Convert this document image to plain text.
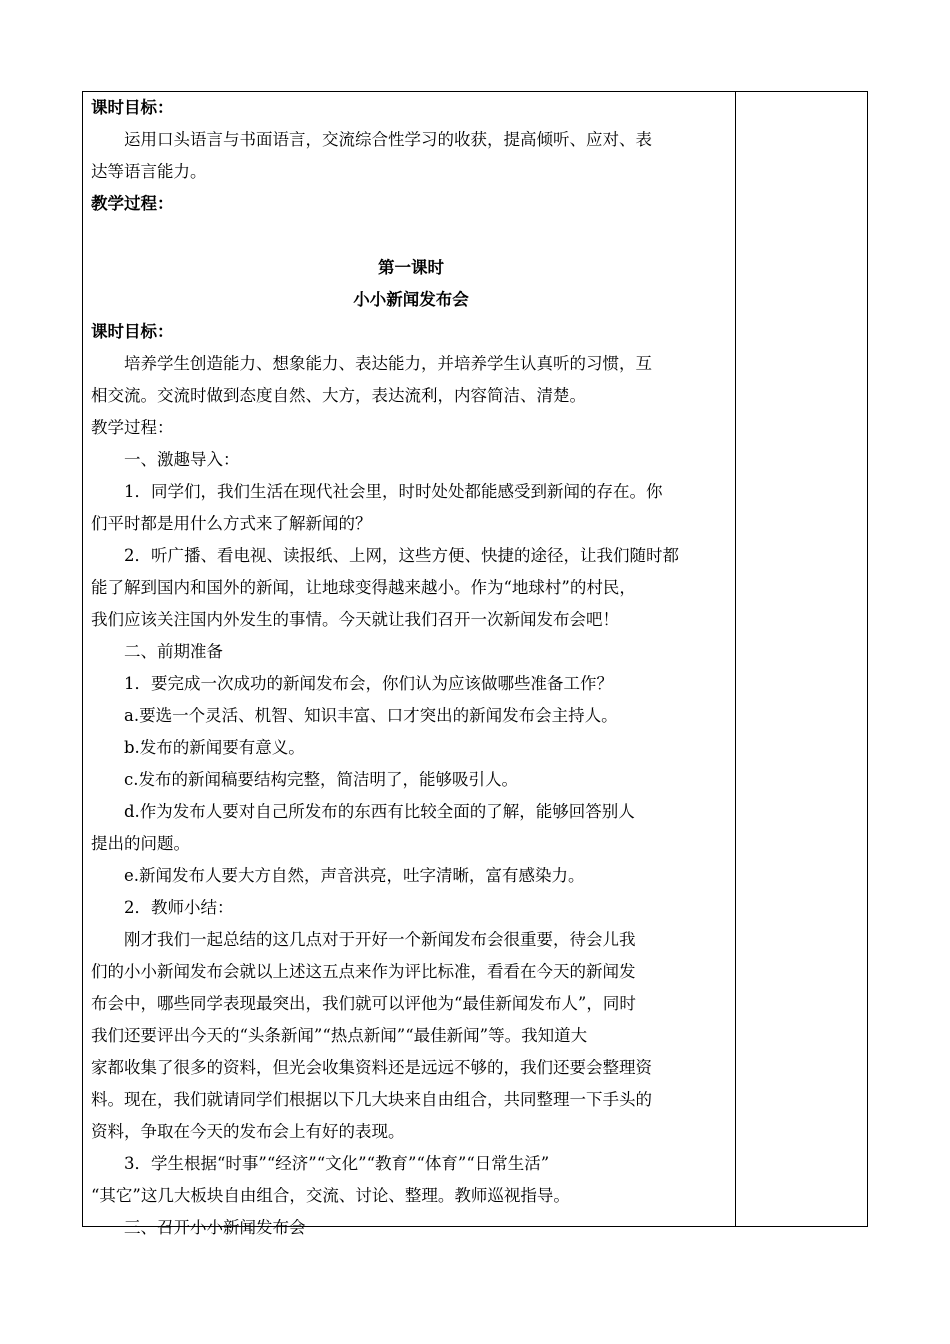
课时目标：
运用口头语言与书面语言，交流综合性学习的收获，提高倾听、应对、表
达等语言能力。
教学过程：
第一课时
小小新闻发布会
课时目标：
培养学生创造能力、想象能力、表达能力，并培养学生认真听的习惯，互
相交流。交流时做到态度自然、大方，表达流利，内容简洁、清楚。
教学过程：
一、激趣导入：
1．同学们，我们生活在现代社会里，时时处处都能感受到新闻的存在。你
们平时都是用什么方式来了解新闻的？
2．听广播、看电视、读报纸、上网，这些方便、快捷的途径，让我们随时都
能了解到国内和国外的新闻，让地球变得越来越小。作为“地球村”的村民，
我们应该关注国内外发生的事情。今天就让我们召开一次新闻发布会吧！
二、前期准备
1．要完成一次成功的新闻发布会，你们认为应该做哪些准备工作？
a.要选一个灵活、机智、知识丰富、口才突出的新闻发布会主持人。
b.发布的新闻要有意义。
c.发布的新闻稿要结构完整，简洁明了，能够吸引人。
d.作为发布人要对自己所发布的东西有比较全面的了解，能够回答别人
提出的问题。
e.新闻发布人要大方自然，声音洪亮，吐字清晰，富有感染力。
2．教师小结：
刚才我们一起总结的这几点对于开好一个新闻发布会很重要，待会儿我
们的小小新闻发布会就以上述这五点来作为评比标准，看看在今天的新闻发
布会中，哪些同学表现最突出，我们就可以评他为“最佳新闻发布人”，同时
我们还要评出今天的“头条新闻”“热点新闻”“最佳新闻”等。我知道大
家都收集了很多的资料，但光会收集资料还是远远不够的，我们还要会整理资
料。现在，我们就请同学们根据以下几大块来自由组合，共同整理一下手头的
资料，争取在今天的发布会上有好的表现。
3．学生根据“时事”“经济”“文化”“教育”“体育”“日常生活”
“其它”这几大板块自由组合，交流、讨论、整理。教师巡视指导。
三、召开小小新闻发布会
